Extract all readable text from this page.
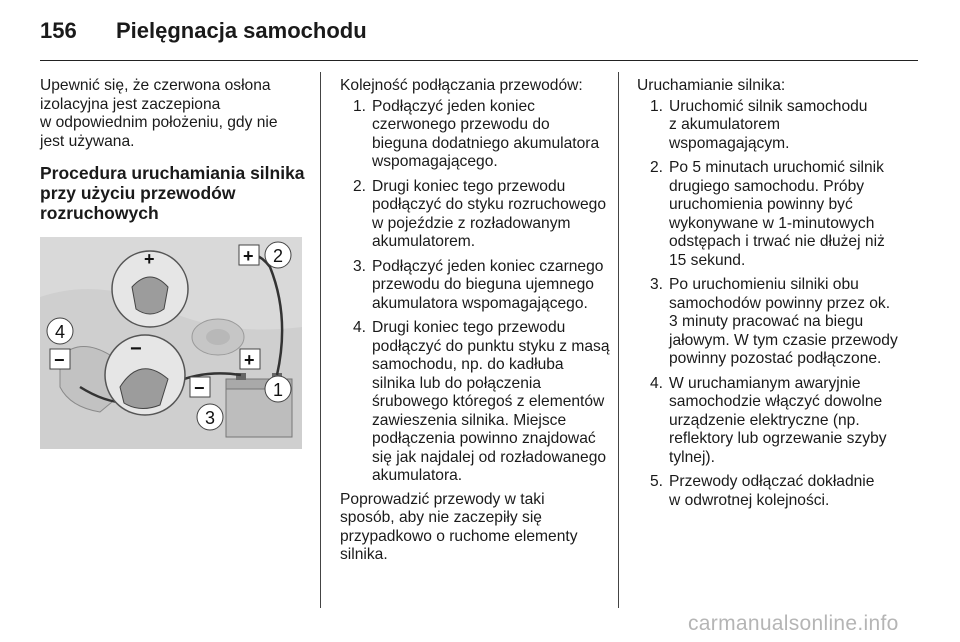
156 Pielęgnacja samochodu

Upewnić się, że czerwona osłona
izolacyjna jest zaczepiona
w odpowiednim położeniu, gdy nie
jest używana.

Procedura uruchamiania silnika
przy użyciu przewodów
rozruchowych
+
−
+
+
−
−
2
1
3
4

Kolejność podłączania przewodów:

1. Podłączyć jeden koniec
czerwonego przewodu do
bieguna dodatniego akumulatora
wspomagającego.
2. Drugi koniec tego przewodu
podłączyć do styku rozruchowego
w pojeździe z rozładowanym
akumulatorem.
3. Podłączyć jeden koniec czarnego
przewodu do bieguna ujemnego
akumulatora wspomagającego.
4. Drugi koniec tego przewodu
podłączyć do punktu styku z masą
samochodu, np. do kadłuba
silnika lub do połączenia
śrubowego któregoś z elementów
zawieszenia silnika. Miejsce
podłączenia powinno znajdować
się jak najdalej od rozładowanego
akumulatora.

Poprowadzić przewody w taki
sposób, aby nie zaczepiły się
przypadkowo o ruchome elementy
silnika.

Uruchamianie silnika:

1. Uruchomić silnik samochodu
z akumulatorem
wspomagającym.
2. Po 5 minutach uruchomić silnik
drugiego samochodu. Próby
uruchomienia powinny być
wykonywane w 1-minutowych
odstępach i trwać nie dłużej niż
15 sekund.
3. Po uruchomieniu silniki obu
samochodów powinny przez ok.
3 minuty pracować na biegu
jałowym. W tym czasie przewody
powinny pozostać podłączone.
4. W uruchamianym awaryjnie
samochodzie włączyć dowolne
urządzenie elektryczne (np.
reflektory lub ogrzewanie szyby
tylnej).
5. Przewody odłączać dokładnie
w odwrotnej kolejności.
carmanualsonline.info
